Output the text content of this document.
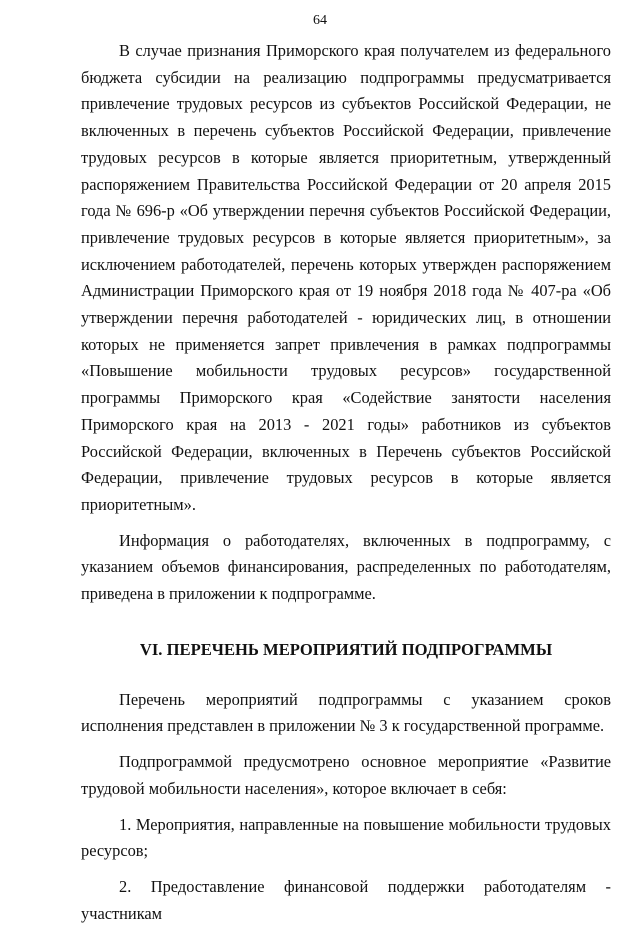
64

В случае признания Приморского края получателем из федерального бюджета субсидии на реализацию подпрограммы предусматривается привлечение трудовых ресурсов из субъектов Российской Федерации, не включенных в перечень субъектов Российской Федерации, привлечение трудовых ресурсов в которые является приоритетным, утвержденный распоряжением Правительства Российской Федерации от 20 апреля 2015 года № 696-р «Об утверждении перечня субъектов Российской Федерации, привлечение трудовых ресурсов в которые является приоритетным», за исключением работодателей, перечень которых утвержден распоряжением Администрации Приморского края от 19 ноября 2018 года № 407-ра «Об утверждении перечня работодателей - юридических лиц, в отношении которых не применяется запрет привлечения в рамках подпрограммы «Повышение мобильности трудовых ресурсов» государственной программы Приморского края «Содействие занятости населения Приморского края на 2013 - 2021 годы» работников из субъектов Российской Федерации, включенных в Перечень субъектов Российской Федерации, привлечение трудовых ресурсов в которые является приоритетным».

Информация о работодателях, включенных в подпрограмму, с указанием объемов финансирования, распределенных по работодателям, приведена в приложении к подпрограмме.

VI. ПЕРЕЧЕНЬ МЕРОПРИЯТИЙ ПОДПРОГРАММЫ

Перечень мероприятий подпрограммы с указанием сроков исполнения представлен в приложении № 3 к государственной программе.

Подпрограммой предусмотрено основное мероприятие «Развитие трудовой мобильности населения», которое включает в себя:

1. Мероприятия, направленные на повышение мобильности трудовых ресурсов;

2. Предоставление финансовой поддержки работодателям - участникам
